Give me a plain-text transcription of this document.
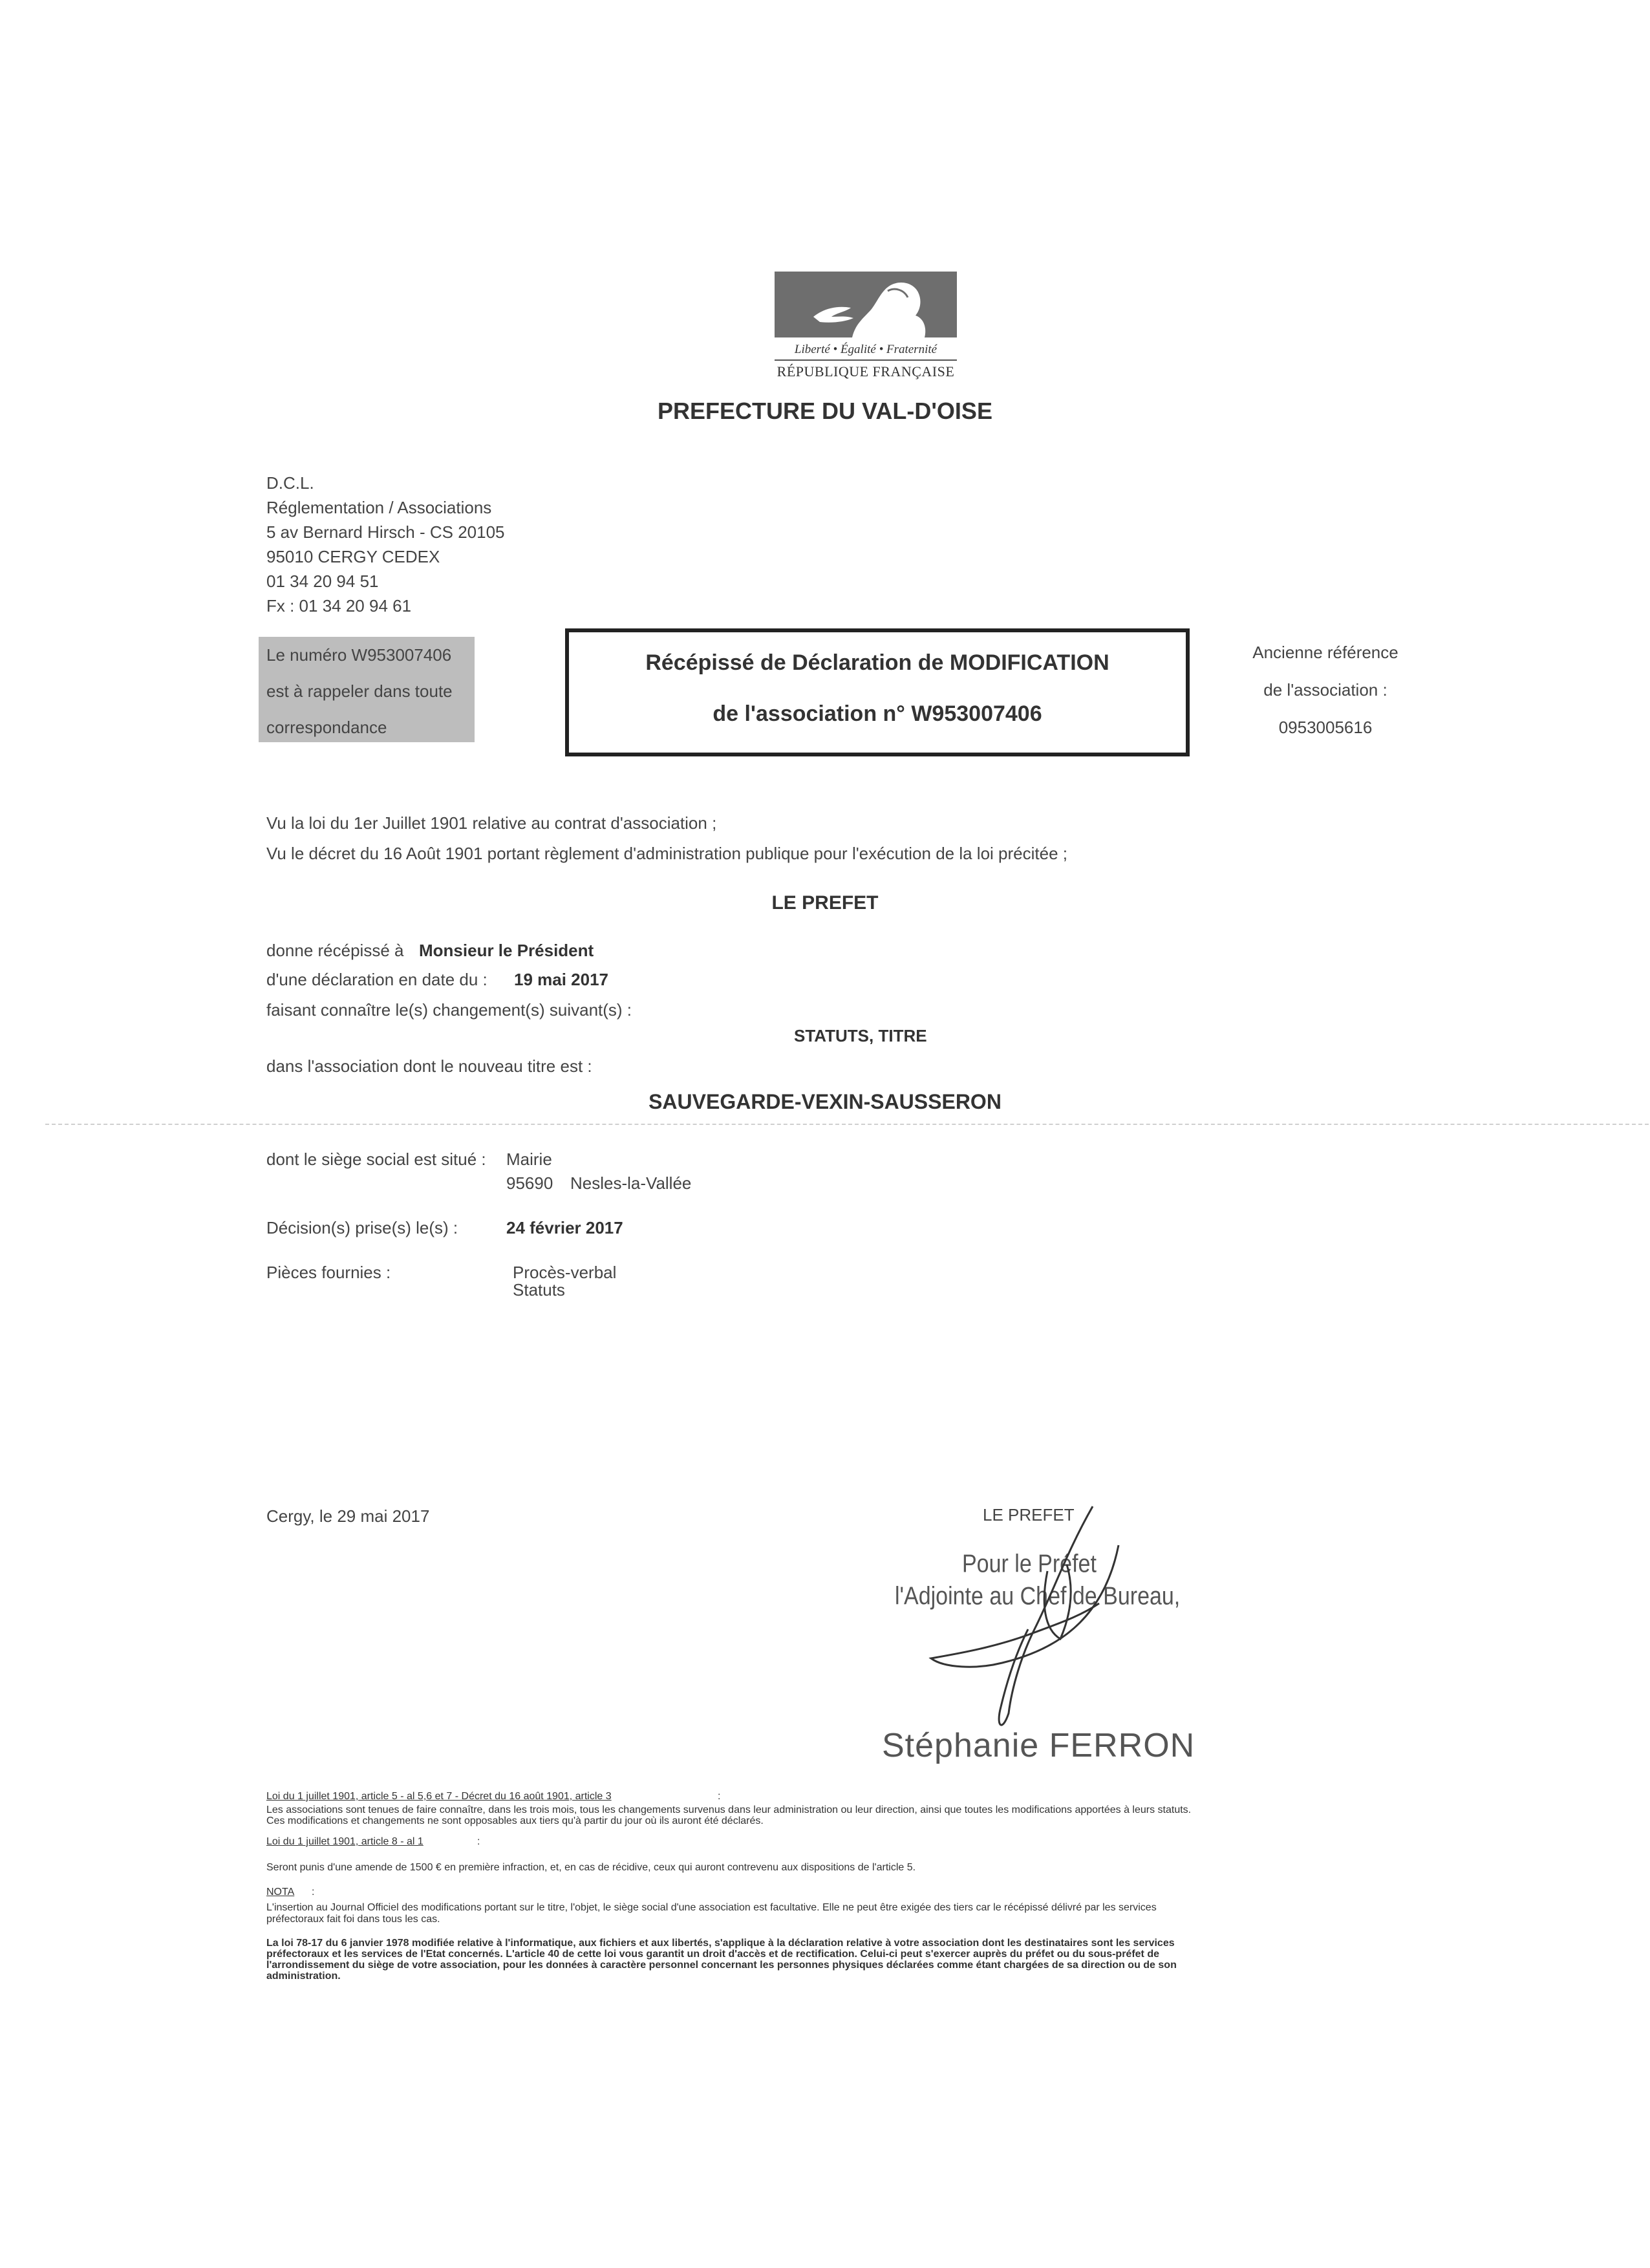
Liberté • Égalité • Fraternité
RÉPUBLIQUE FRANÇAISE
PREFECTURE DU VAL-D'OISE
D.C.L.
Réglementation / Associations
5 av Bernard Hirsch - CS 20105
95010 CERGY CEDEX
01 34 20 94 51
Fx : 01 34 20 94 61
Le numéro W953007406
est à rappeler dans toute
correspondance
Récépissé de Déclaration de MODIFICATION
de l'association n° W953007406
Ancienne référence
de l'association :
0953005616
Vu la loi du 1er Juillet 1901 relative au contrat d'association ;
Vu le décret du 16 Août 1901 portant règlement d'administration publique pour l'exécution de la loi précitée ;
LE PREFET
donne récépissé à Monsieur le Président
d'une déclaration en date du : 19 mai 2017
faisant connaître le(s) changement(s) suivant(s) :
STATUTS, TITRE
dans l'association dont le nouveau titre est :
SAUVEGARDE-VEXIN-SAUSSERON
dont le siège social est situé : Mairie
95690 Nesles-la-Vallée
Décision(s) prise(s) le(s) :	24 février 2017
Pièces fournies :	Procès-verbal
Statuts
Cergy, le 29 mai 2017	LE PREFET
Pour le Préfet
l'Adjointe au Chef de Bureau,
Stéphanie FERRON
Loi du 1 juillet 1901, article 5 - al 5,6 et 7 - Décret du 16 août 1901, article 3	:
Les associations sont tenues de faire connaître, dans les trois mois, tous les changements survenus dans leur administration ou leur direction, ainsi que toutes les modifications apportées à leurs statuts.
Ces modifications et changements ne sont opposables aux tiers qu'à partir du jour où ils auront été déclarés.
Loi du 1 juillet 1901, article 8 - al 1	:
Seront punis d'une amende de 1500 € en première infraction, et, en cas de récidive, ceux qui auront contrevenu aux dispositions de l'article 5.
NOTA :
L'insertion au Journal Officiel des modifications portant sur le titre, l'objet, le siège social d'une association est facultative. Elle ne peut être exigée des tiers car le récépissé délivré par les services
préfectoraux fait foi dans tous les cas.
La loi 78-17 du 6 janvier 1978 modifiée relative à l'informatique, aux fichiers et aux libertés, s'applique à la déclaration relative à votre association dont les destinataires sont les services
préfectoraux et les services de l'Etat concernés. L'article 40 de cette loi vous garantit un droit d'accès et de rectification. Celui-ci peut s'exercer auprès du préfet ou du sous-préfet de
l'arrondissement du siège de votre association, pour les données à caractère personnel concernant les personnes physiques déclarées comme étant chargées de sa direction ou de son
administration.
